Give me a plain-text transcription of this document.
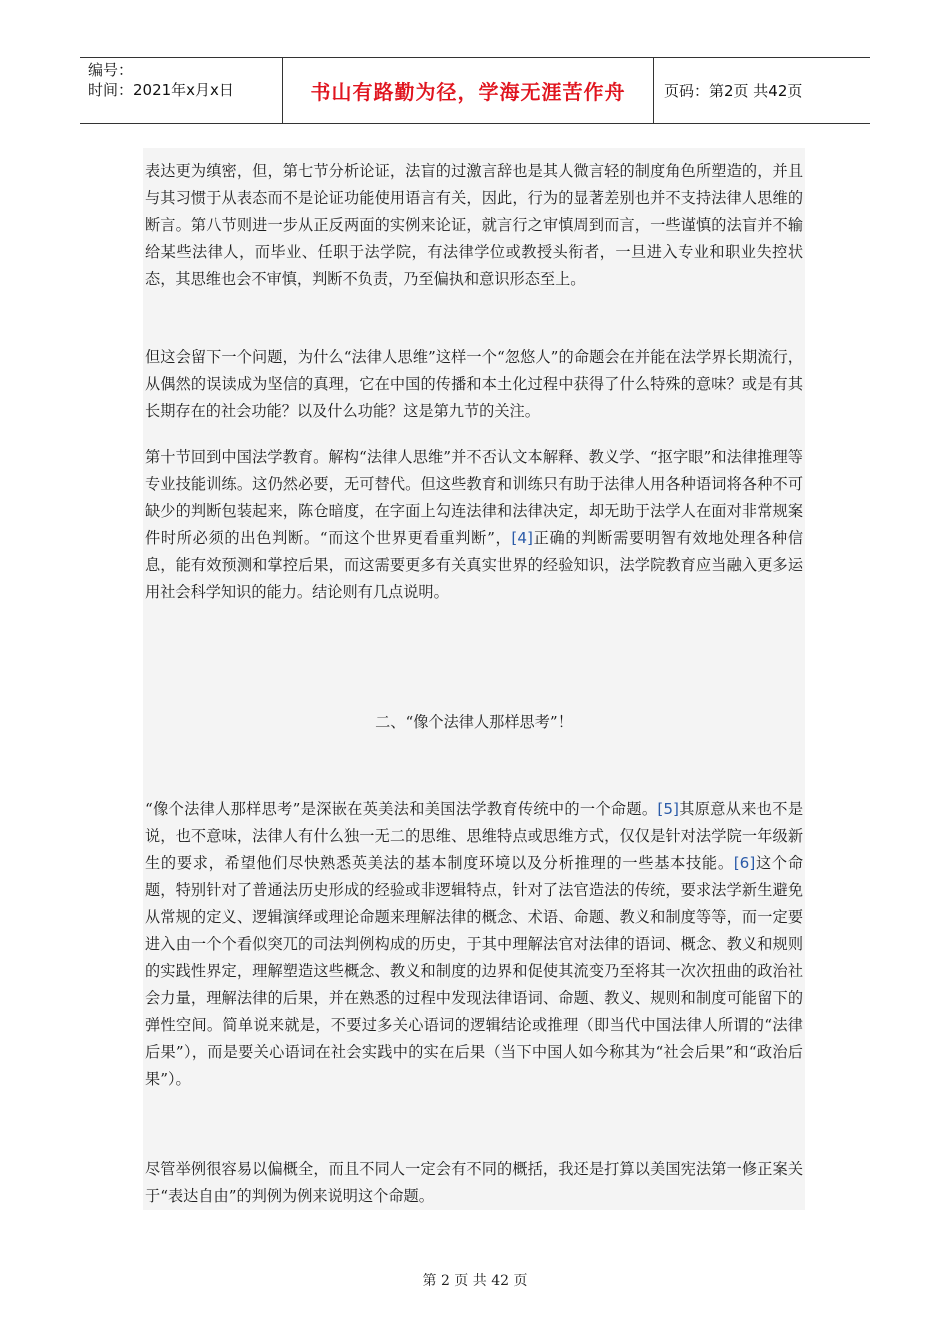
编号：
时间：2021年x月x日	书山有路勤为径，学海无涯苦作舟	页码：第2页 共42页

表达更为缜密，但，第七节分析论证，法盲的过激言辞也是其人微言轻的制度角色所塑造的，并且与其习惯于从表态而不是论证功能使用语言有关，因此，行为的显著差别也并不支持法律人思维的断言。第八节则进一步从正反两面的实例来论证，就言行之审慎周到而言，一些谨慎的法盲并不输给某些法律人，而毕业、任职于法学院，有法律学位或教授头衔者，一旦进入专业和职业失控状态，其思维也会不审慎，判断不负责，乃至偏执和意识形态至上。

但这会留下一个问题，为什么“法律人思维”这样一个“忽悠人”的命题会在并能在法学界长期流行，从偶然的误读成为坚信的真理，它在中国的传播和本土化过程中获得了什么特殊的意味？或是有其长期存在的社会功能？以及什么功能？这是第九节的关注。

第十节回到中国法学教育。解构“法律人思维”并不否认文本解释、教义学、“抠字眼”和法律推理等专业技能训练。这仍然必要，无可替代。但这些教育和训练只有助于法律人用各种语词将各种不可缺少的判断包装起来，陈仓暗度，在字面上勾连法律和法律决定，却无助于法学人在面对非常规案件时所必须的出色判断。“而这个世界更看重判断”，[4]正确的判断需要明智有效地处理各种信息，能有效预测和掌控后果，而这需要更多有关真实世界的经验知识，法学院教育应当融入更多运用社会科学知识的能力。结论则有几点说明。

二、“像个法律人那样思考”！

“像个法律人那样思考”是深嵌在英美法和美国法学教育传统中的一个命题。[5]其原意从来也不是说，也不意味，法律人有什么独一无二的思维、思维特点或思维方式，仅仅是针对法学院一年级新生的要求，希望他们尽快熟悉英美法的基本制度环境以及分析推理的一些基本技能。[6]这个命题，特别针对了普通法历史形成的经验或非逻辑特点，针对了法官造法的传统，要求法学新生避免从常规的定义、逻辑演绎或理论命题来理解法律的概念、术语、命题、教义和制度等等，而一定要进入由一个个看似突兀的司法判例构成的历史，于其中理解法官对法律的语词、概念、教义和规则的实践性界定，理解塑造这些概念、教义和制度的边界和促使其流变乃至将其一次次扭曲的政治社会力量，理解法律的后果，并在熟悉的过程中发现法律语词、命题、教义、规则和制度可能留下的弹性空间。简单说来就是，不要过多关心语词的逻辑结论或推理（即当代中国法律人所谓的“法律后果”），而是要关心语词在社会实践中的实在后果（当下中国人如今称其为“社会后果”和“政治后果”）。

尽管举例很容易以偏概全，而且不同人一定会有不同的概括，我还是打算以美国宪法第一修正案关于“表达自由”的判例为例来说明这个命题。

第 2 页 共 42 页
